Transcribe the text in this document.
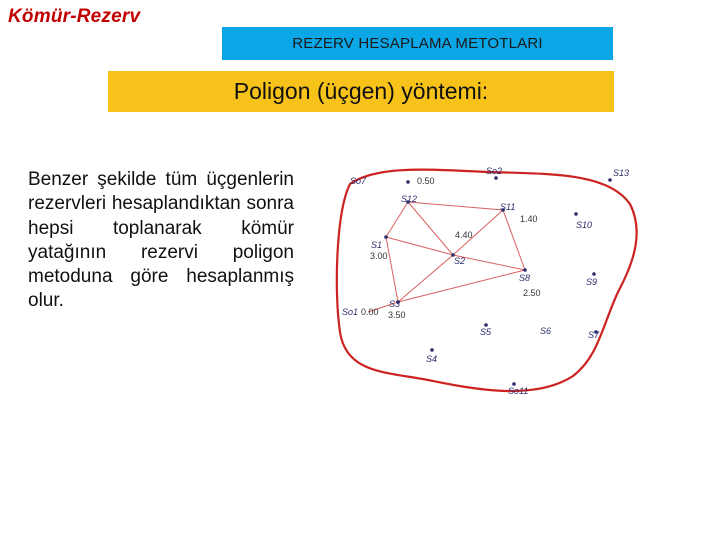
Kömür-Rezerv
REZERV HESAPLAMA METOTLARI
Poligon (üçgen) yöntemi:
Benzer şekilde tüm üçgenlerin rezervleri hesaplandıktan sonra hepsi toplanarak kömür yatağının rezervi poligon metoduna göre hesaplanmış olur.
So7
So2	S13
S12
S11
S10
S1
S2
S8	S9
So1
S3
S5	S6	S7
S4
So11
0.50
1.40
4.40
3.00
2.50
0.00 3.50
